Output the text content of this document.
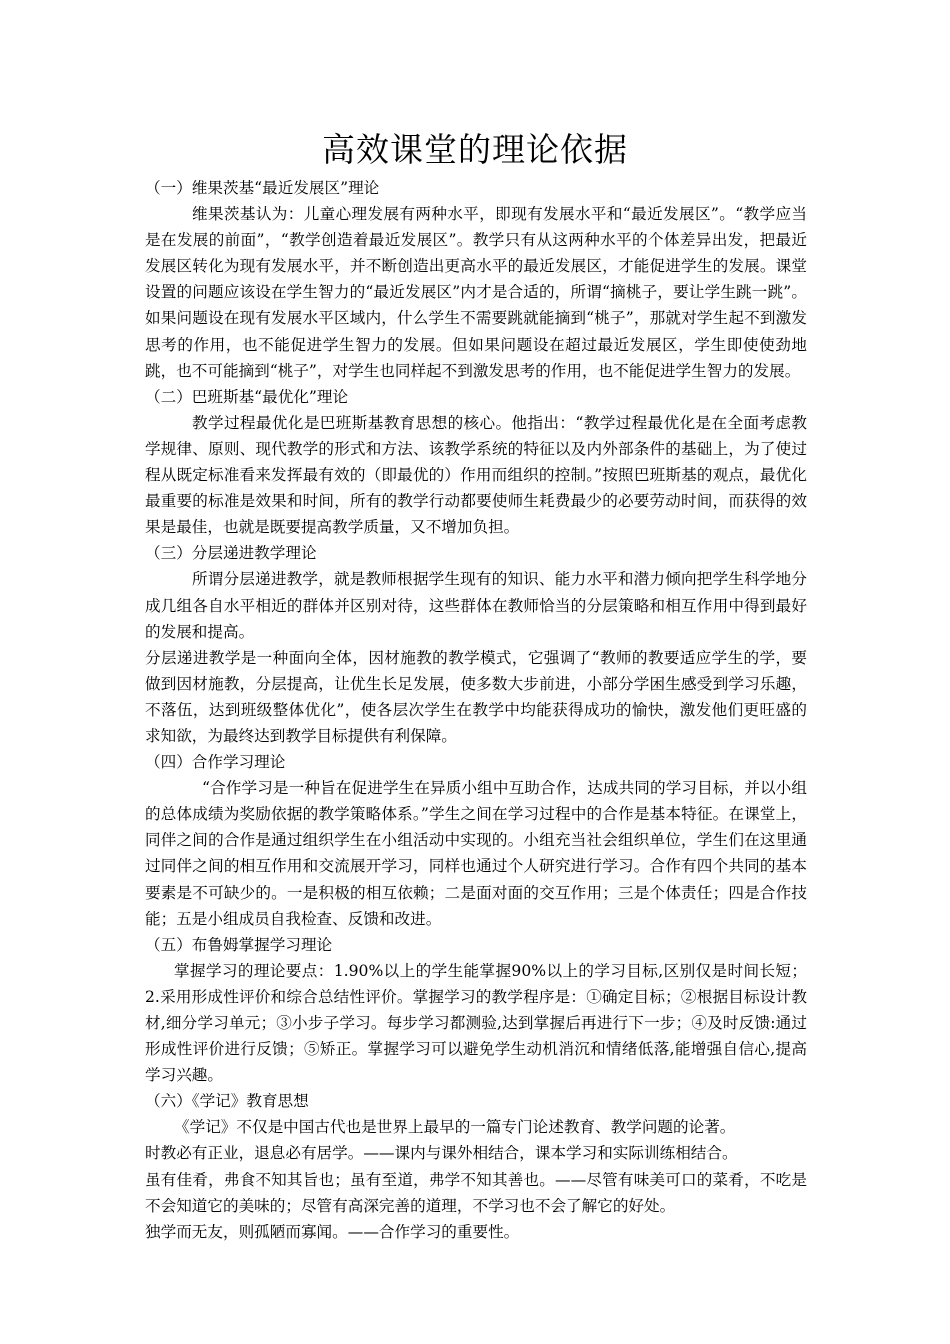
高效课堂的理论依据

（一）维果茨基“最近发展区”理论

维果茨基认为：儿童心理发展有两种水平，即现有发展水平和“最近发展区”。“教学应当是在发展的前面”，“教学创造着最近发展区”。教学只有从这两种水平的个体差异出发，把最近发展区转化为现有发展水平，并不断创造出更高水平的最近发展区，才能促进学生的发展。课堂设置的问题应该设在学生智力的“最近发展区”内才是合适的，所谓“摘桃子，要让学生跳一跳”。如果问题设在现有发展水平区域内，什么学生不需要跳就能摘到“桃子”，那就对学生起不到激发思考的作用，也不能促进学生智力的发展。但如果问题设在超过最近发展区，学生即使使劲地跳，也不可能摘到“桃子”，对学生也同样起不到激发思考的作用，也不能促进学生智力的发展。

（二）巴班斯基“最优化”理论

教学过程最优化是巴班斯基教育思想的核心。他指出：“教学过程最优化是在全面考虑教学规律、原则、现代教学的形式和方法、该教学系统的特征以及内外部条件的基础上，为了使过程从既定标准看来发挥最有效的（即最优的）作用而组织的控制。”按照巴班斯基的观点，最优化最重要的标准是效果和时间，所有的教学行动都要使师生耗费最少的必要劳动时间，而获得的效果是最佳，也就是既要提高教学质量，又不增加负担。

（三）分层递进教学理论

所谓分层递进教学，就是教师根据学生现有的知识、能力水平和潜力倾向把学生科学地分成几组各自水平相近的群体并区别对待，这些群体在教师恰当的分层策略和相互作用中得到最好的发展和提高。

分层递进教学是一种面向全体，因材施教的教学模式，它强调了“教师的教要适应学生的学，要做到因材施教，分层提高，让优生长足发展，使多数大步前进，小部分学困生感受到学习乐趣，不落伍，达到班级整体优化”，使各层次学生在教学中均能获得成功的愉快，激发他们更旺盛的求知欲，为最终达到教学目标提供有利保障。

（四）合作学习理论

“合作学习是一种旨在促进学生在异质小组中互助合作，达成共同的学习目标，并以小组的总体成绩为奖励依据的教学策略体系。”学生之间在学习过程中的合作是基本特征。在课堂上，同伴之间的合作是通过组织学生在小组活动中实现的。小组充当社会组织单位，学生们在这里通过同伴之间的相互作用和交流展开学习，同样也通过个人研究进行学习。合作有四个共同的基本要素是不可缺少的。一是积极的相互依赖；二是面对面的交互作用；三是个体责任；四是合作技能；五是小组成员自我检查、反馈和改进。

（五）布鲁姆掌握学习理论

掌握学习的理论要点：1.90%以上的学生能掌握90%以上的学习目标,区别仅是时间长短；2.采用形成性评价和综合总结性评价。掌握学习的教学程序是：①确定目标；②根据目标设计教材,细分学习单元；③小步子学习。每步学习都测验,达到掌握后再进行下一步；④及时反馈:通过形成性评价进行反馈；⑤矫正。掌握学习可以避免学生动机消沉和情绪低落,能增强自信心,提高学习兴趣。

（六）《学记》教育思想

《学记》不仅是中国古代也是世界上最早的一篇专门论述教育、教学问题的论著。

时教必有正业，退息必有居学。——课内与课外相结合，课本学习和实际训练相结合。

虽有佳肴，弗食不知其旨也；虽有至道，弗学不知其善也。——尽管有味美可口的菜肴，不吃是不会知道它的美味的；尽管有高深完善的道理，不学习也不会了解它的好处。

独学而无友，则孤陋而寡闻。——合作学习的重要性。
